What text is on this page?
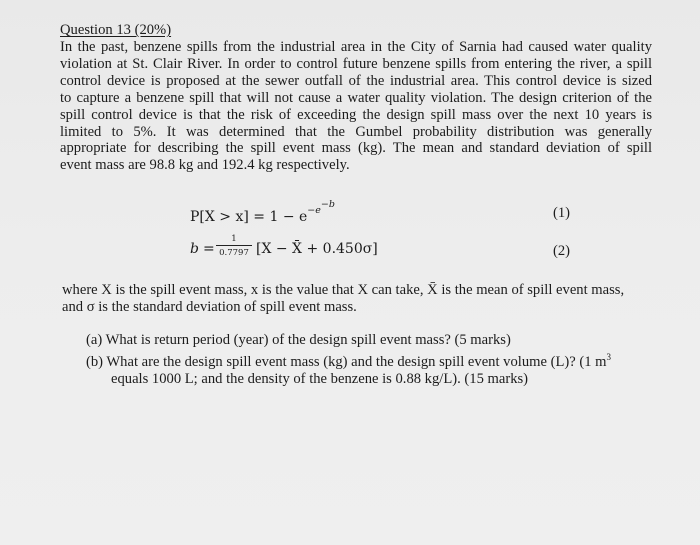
Question 13 (20%)
In the past, benzene spills from the industrial area in the City of Sarnia had caused water quality
violation at St. Clair River. In order to control future benzene spills from entering the river, a spill
control device is proposed at the sewer outfall of the industrial area. This control device is sized
to capture a benzene spill that will not cause a water quality violation. The design criterion of the
spill control device is that the risk of exceeding the design spill mass over the next 10 years is
limited to 5%. It was determined that the Gumbel probability distribution was generally
appropriate for describing the spill event mass (kg). The mean and standard deviation of spill
event mass are 98.8 kg and 192.4 kg respectively.
$P[X > x] = 1 - e^{-e^{-b}}$
(1)
b =
1
0.7797 [X − X̄ + 0.450σ]	(2)
where X is the spill event mass, x is the value that X can take, X̄ is the mean of spill event mass,
and σ is the standard deviation of spill event mass.
(a) What is return period (year) of the design spill event mass? (5 marks)
(b) What are the design spill event mass (kg) and the design spill event volume (L)? (1 $m^3$
equals 1000 L; and the density of the benzene is 0.88 kg/L). (15 marks)
